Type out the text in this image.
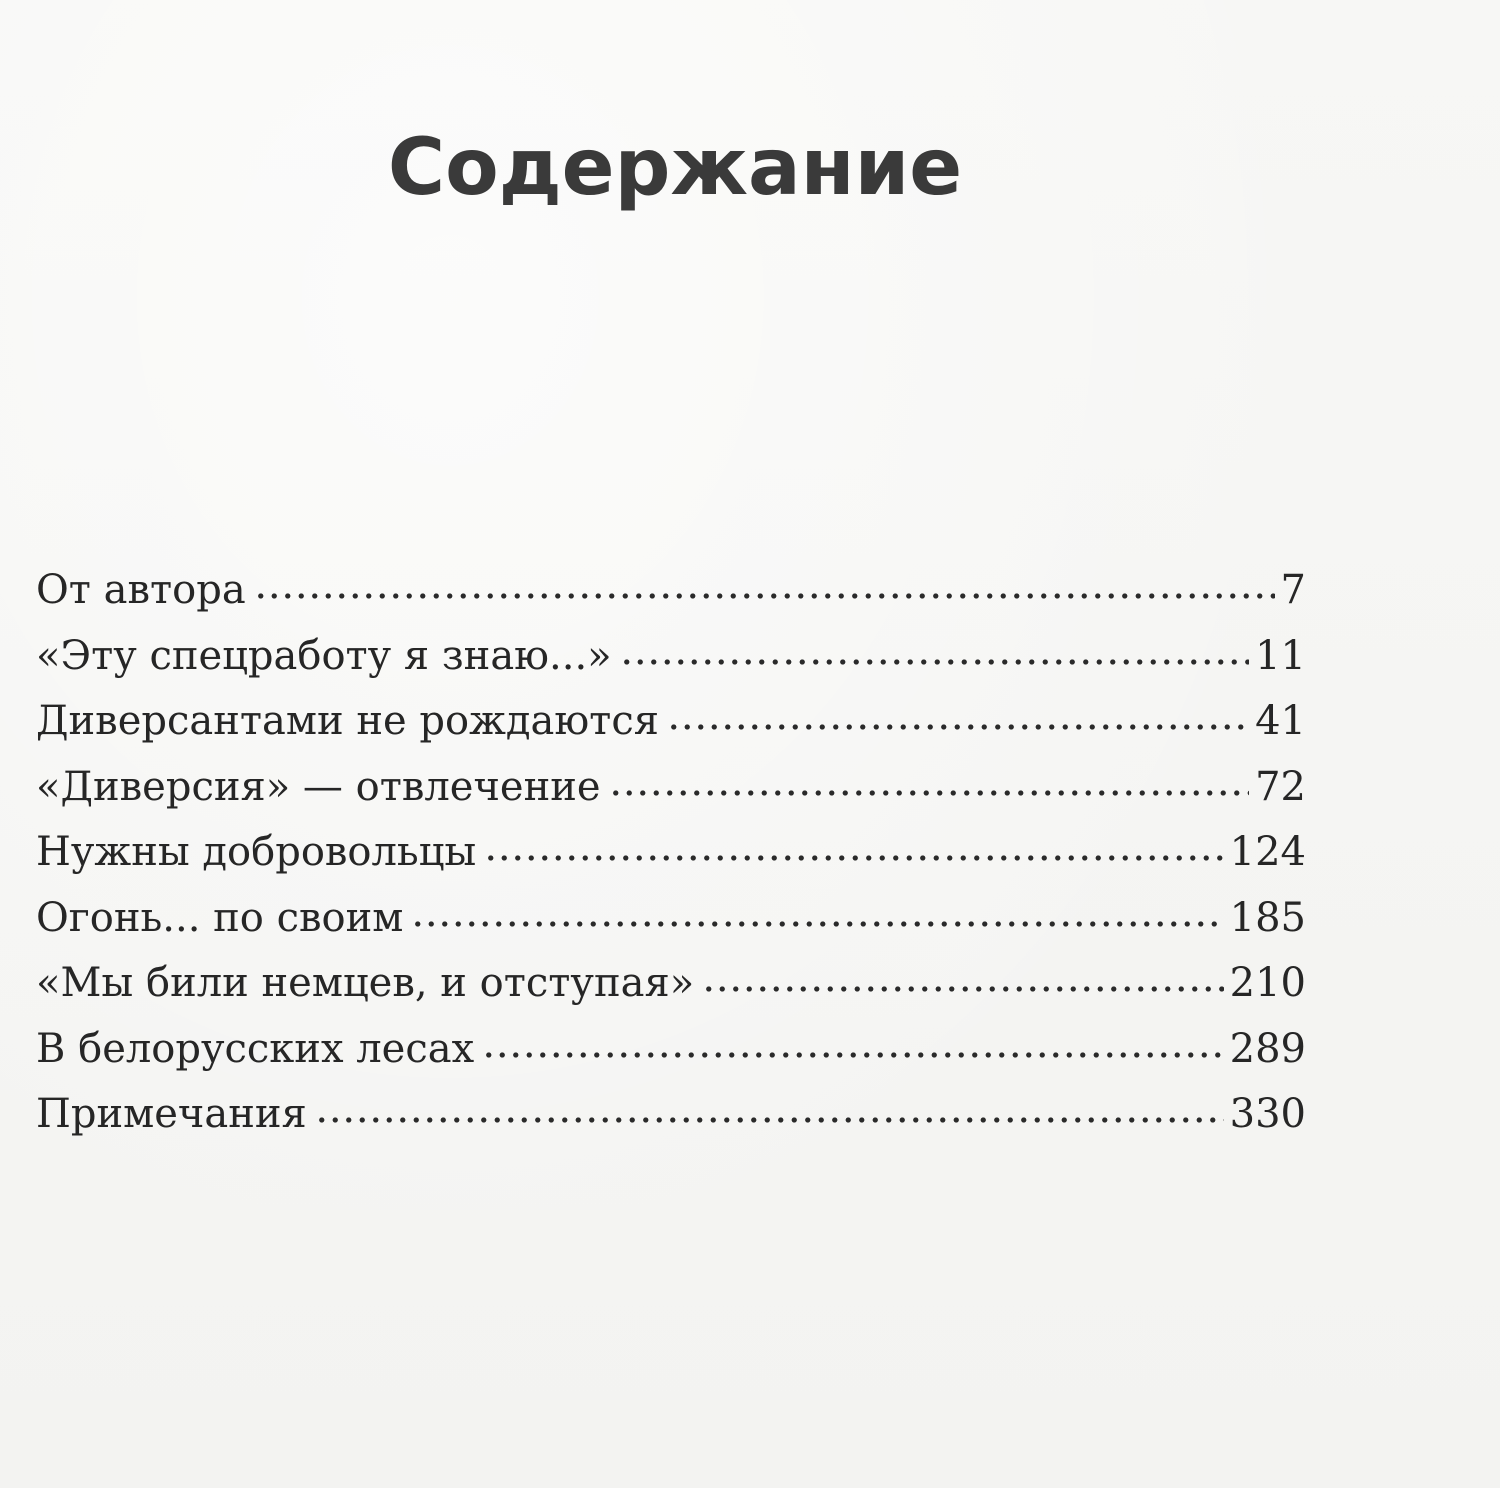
Содержание
От автора	7
«Эту спецработу я знаю...»	11
Диверсантами не рождаются	41
«Диверсия» — отвлечение	72
Нужны добровольцы	124
Огонь... по своим	185
«Мы били немцев, и отступая»	210
В белорусских лесах	289
Примечания	330
